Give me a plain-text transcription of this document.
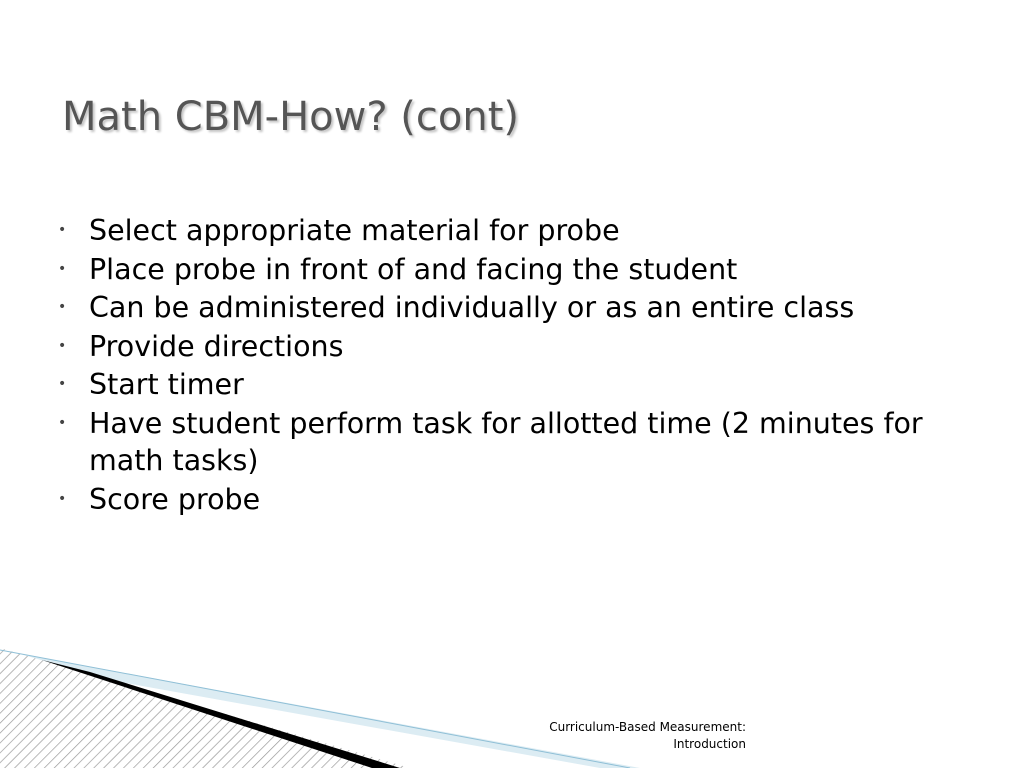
Math CBM-How? (cont)
• Select appropriate material for probe
• Place probe in front of and facing the student
• Can be administered individually or as an entire class
• Provide directions
• Start timer
• Have student perform task for allotted time (2 minutes for math tasks)
• Score probe
Curriculum-Based Measurement:
Introduction
